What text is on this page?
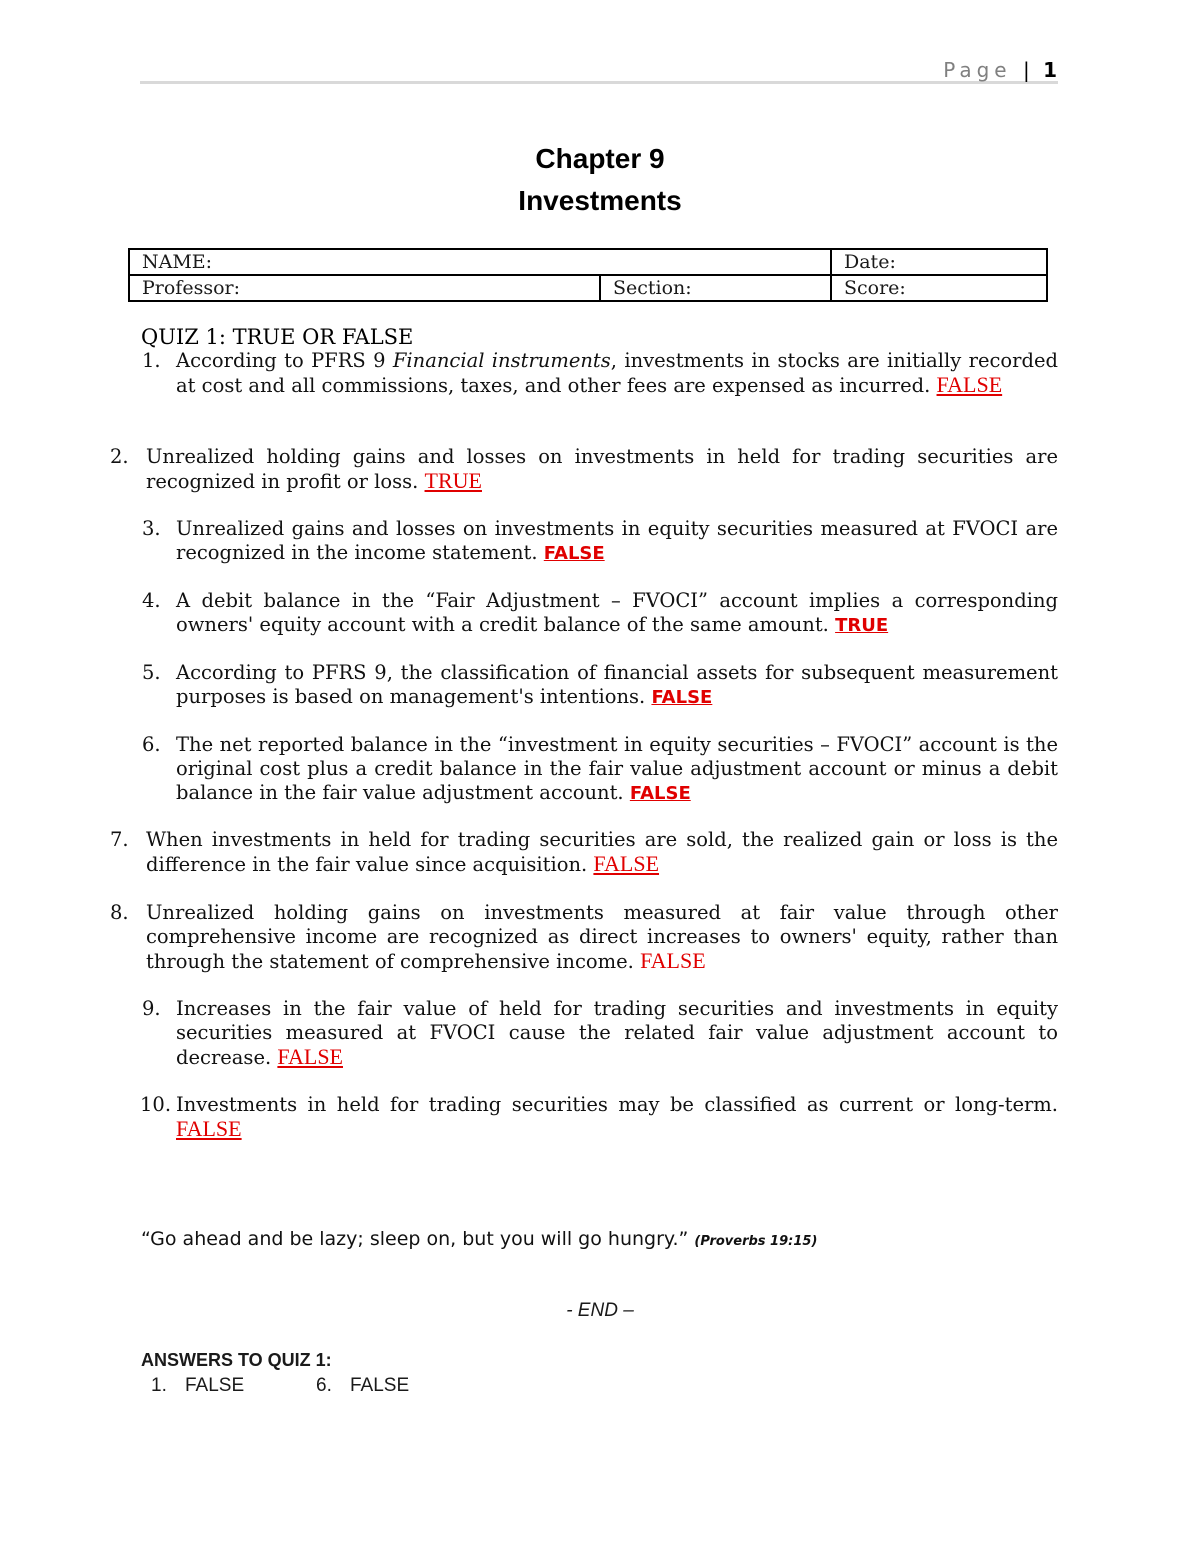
Page | 1
Chapter 9
Investments
NAME:		Date:
Professor:	Section:	Score:
QUIZ 1: TRUE OR FALSE
1. According to PFRS 9 Financial instruments, investments in stocks are initially recorded at cost and all commissions, taxes, and other fees are expensed as incurred. FALSE
2. Unrealized holding gains and losses on investments in held for trading securities are recognized in profit or loss. TRUE
3. Unrealized gains and losses on investments in equity securities measured at FVOCI are recognized in the income statement. FALSE
4. A debit balance in the “Fair Adjustment – FVOCI” account implies a corresponding owners' equity account with a credit balance of the same amount. TRUE
5. According to PFRS 9, the classification of financial assets for subsequent measurement purposes is based on management's intentions. FALSE
6. The net reported balance in the “investment in equity securities – FVOCI” account is the original cost plus a credit balance in the fair value adjustment account or minus a debit balance in the fair value adjustment account. FALSE
7. When investments in held for trading securities are sold, the realized gain or loss is the difference in the fair value since acquisition. FALSE
8. Unrealized holding gains on investments measured at fair value through other comprehensive income are recognized as direct increases to owners' equity, rather than through the statement of comprehensive income. FALSE
9. Increases in the fair value of held for trading securities and investments in equity securities measured at FVOCI cause the related fair value adjustment account to decrease. FALSE
10. Investments in held for trading securities may be classified as current or long-term. FALSE
“Go ahead and be lazy; sleep on, but you will go hungry.” (Proverbs 19:15)
- END –
ANSWERS TO QUIZ 1:
1. FALSE	6. FALSE
